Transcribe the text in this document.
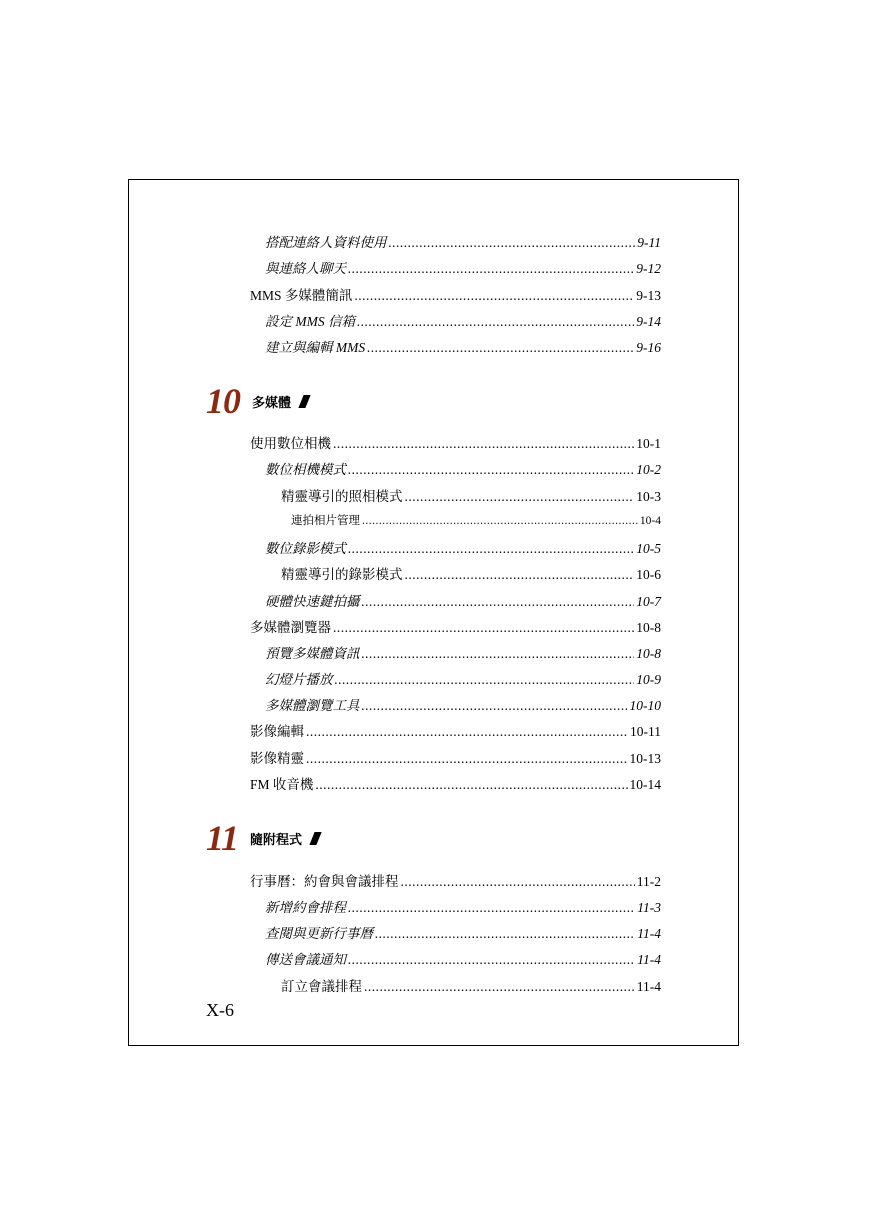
搭配連絡人資料使用 .....	9-11
與連絡人聊天 .....	9-12
MMS 多媒體簡訊 .....	9-13
設定 MMS 信箱 .....	9-14
建立與編輯 MMS .....	9-16
10 多媒體
使用數位相機 .....	10-1
數位相機模式 .....	10-2
精靈導引的照相模式 .....	10-3
連拍相片管理 .....	10-4
數位錄影模式 .....	10-5
精靈導引的錄影模式 .....	10-6
硬體快速鍵拍攝 .....	10-7
多媒體瀏覽器 .....	10-8
預覽多媒體資訊 .....	10-8
幻燈片播放 .....	10-9
多媒體瀏覽工具 .....	10-10
影像編輯 .....	10-11
影像精靈 .....	10-13
FM 收音機 .....	10-14
11 隨附程式
行事曆：約會與會議排程 .....	11-2
新增約會排程 .....	11-3
查閱與更新行事曆 .....	11-4
傳送會議通知 .....	11-4
訂立會議排程 .....	11-4
X-6
